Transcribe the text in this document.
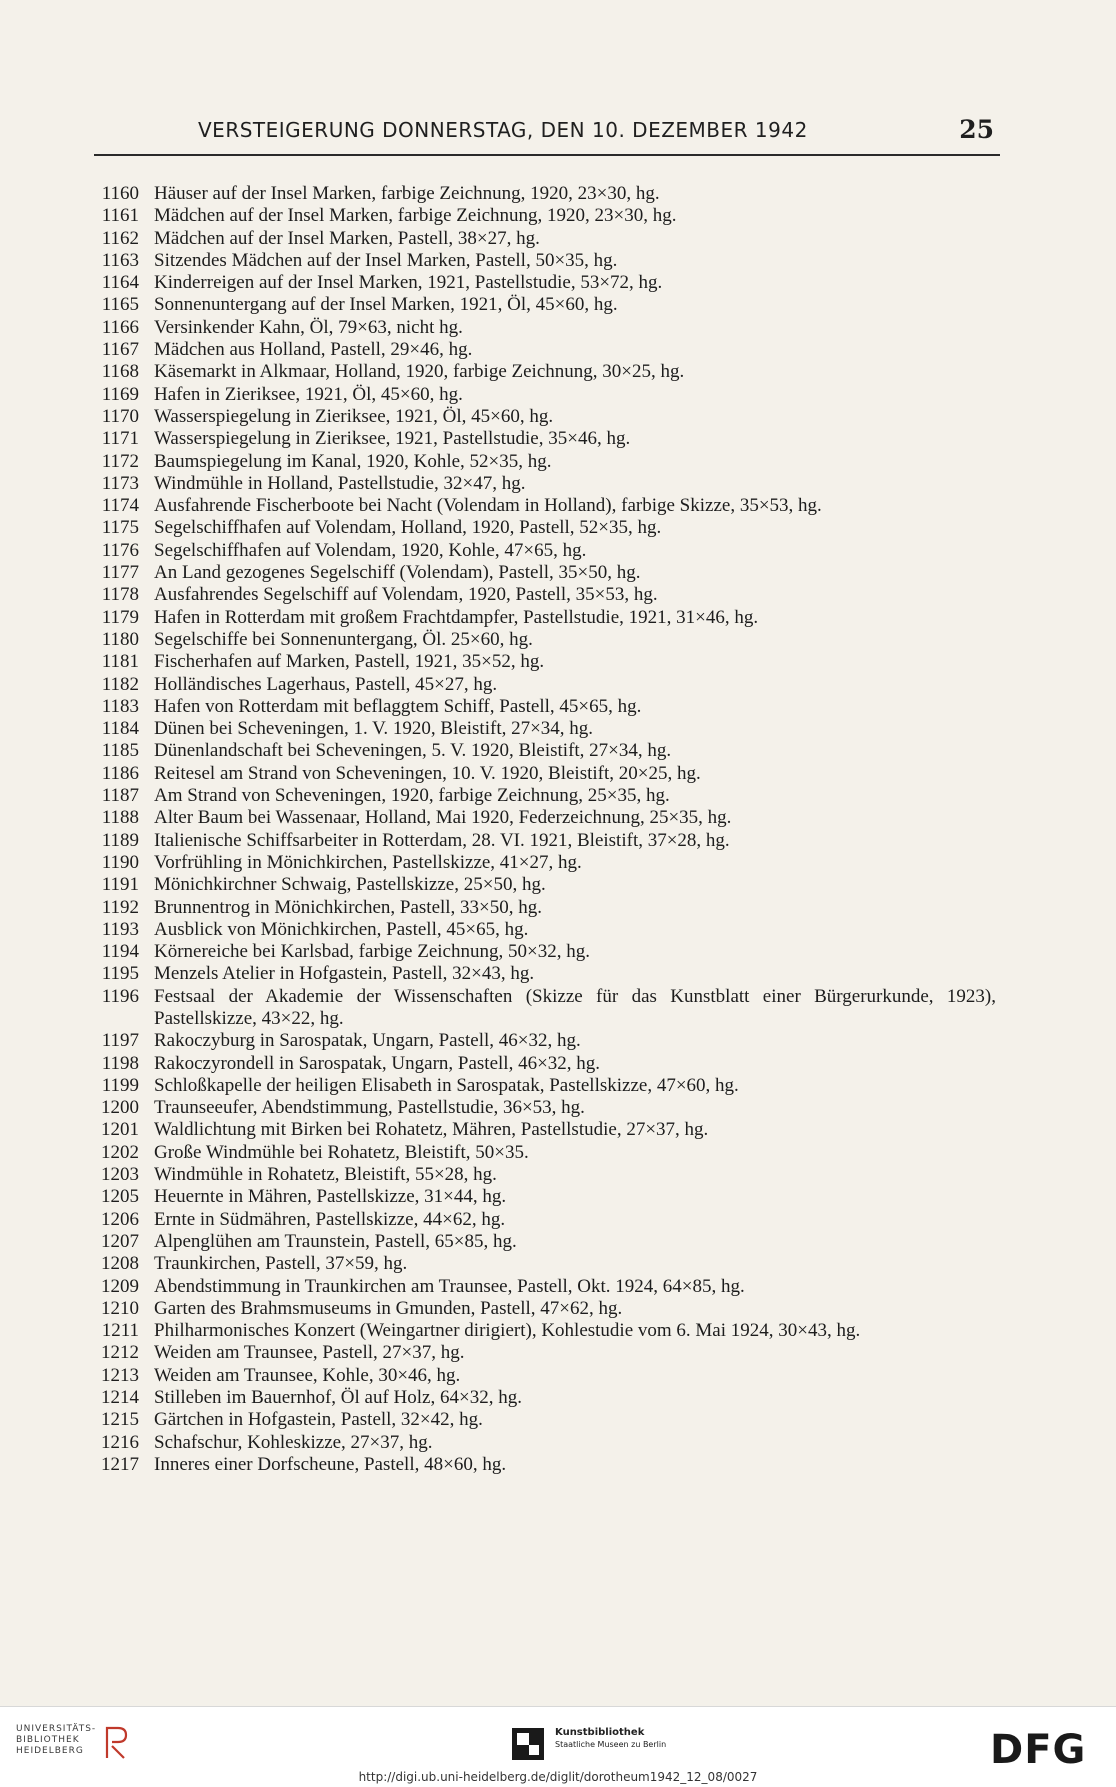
VERSTEIGERUNG DONNERSTAG, DEN 10. DEZEMBER 1942	25
1160 Häuser auf der Insel Marken, farbige Zeichnung, 1920, 23×30, hg.
1161 Mädchen auf der Insel Marken, farbige Zeichnung, 1920, 23×30, hg.
1162 Mädchen auf der Insel Marken, Pastell, 38×27, hg.
1163 Sitzendes Mädchen auf der Insel Marken, Pastell, 50×35, hg.
1164 Kinderreigen auf der Insel Marken, 1921, Pastellstudie, 53×72, hg.
1165 Sonnenuntergang auf der Insel Marken, 1921, Öl, 45×60, hg.
1166 Versinkender Kahn, Öl, 79×63, nicht hg.
1167 Mädchen aus Holland, Pastell, 29×46, hg.
1168 Käsemarkt in Alkmaar, Holland, 1920, farbige Zeichnung, 30×25, hg.
1169 Hafen in Zieriksee, 1921, Öl, 45×60, hg.
1170 Wasserspiegelung in Zieriksee, 1921, Öl, 45×60, hg.
1171 Wasserspiegelung in Zieriksee, 1921, Pastellstudie, 35×46, hg.
1172 Baumspiegelung im Kanal, 1920, Kohle, 52×35, hg.
1173 Windmühle in Holland, Pastellstudie, 32×47, hg.
1174 Ausfahrende Fischerboote bei Nacht (Volendam in Holland), farbige Skizze, 35×53, hg.
1175 Segelschiffhafen auf Volendam, Holland, 1920, Pastell, 52×35, hg.
1176 Segelschiffhafen auf Volendam, 1920, Kohle, 47×65, hg.
1177 An Land gezogenes Segelschiff (Volendam), Pastell, 35×50, hg.
1178 Ausfahrendes Segelschiff auf Volendam, 1920, Pastell, 35×53, hg.
1179 Hafen in Rotterdam mit großem Frachtdampfer, Pastellstudie, 1921, 31×46, hg.
1180 Segelschiffe bei Sonnenuntergang, Öl. 25×60, hg.
1181 Fischerhafen auf Marken, Pastell, 1921, 35×52, hg.
1182 Holländisches Lagerhaus, Pastell, 45×27, hg.
1183 Hafen von Rotterdam mit beflaggtem Schiff, Pastell, 45×65, hg.
1184 Dünen bei Scheveningen, 1. V. 1920, Bleistift, 27×34, hg.
1185 Dünenlandschaft bei Scheveningen, 5. V. 1920, Bleistift, 27×34, hg.
1186 Reitesel am Strand von Scheveningen, 10. V. 1920, Bleistift, 20×25, hg.
1187 Am Strand von Scheveningen, 1920, farbige Zeichnung, 25×35, hg.
1188 Alter Baum bei Wassenaar, Holland, Mai 1920, Federzeichnung, 25×35, hg.
1189 Italienische Schiffsarbeiter in Rotterdam, 28. VI. 1921, Bleistift, 37×28, hg.
1190 Vorfrühling in Mönichkirchen, Pastellskizze, 41×27, hg.
1191 Mönichkirchner Schwaig, Pastellskizze, 25×50, hg.
1192 Brunnentrog in Mönichkirchen, Pastell, 33×50, hg.
1193 Ausblick von Mönichkirchen, Pastell, 45×65, hg.
1194 Körnereiche bei Karlsbad, farbige Zeichnung, 50×32, hg.
1195 Menzels Atelier in Hofgastein, Pastell, 32×43, hg.
1196 Festsaal der Akademie der Wissenschaften (Skizze für das Kunstblatt einer Bürgerurkunde, 1923), Pastellskizze, 43×22, hg.
1197 Rakoczyburg in Sarospatak, Ungarn, Pastell, 46×32, hg.
1198 Rakoczyrondell in Sarospatak, Ungarn, Pastell, 46×32, hg.
1199 Schloßkapelle der heiligen Elisabeth in Sarospatak, Pastellskizze, 47×60, hg.
1200 Traunseeufer, Abendstimmung, Pastellstudie, 36×53, hg.
1201 Waldlichtung mit Birken bei Rohatetz, Mähren, Pastellstudie, 27×37, hg.
1202 Große Windmühle bei Rohatetz, Bleistift, 50×35.
1203 Windmühle in Rohatetz, Bleistift, 55×28, hg.
1205 Heuernte in Mähren, Pastellskizze, 31×44, hg.
1206 Ernte in Südmähren, Pastellskizze, 44×62, hg.
1207 Alpenglühen am Traunstein, Pastell, 65×85, hg.
1208 Traunkirchen, Pastell, 37×59, hg.
1209 Abendstimmung in Traunkirchen am Traunsee, Pastell, Okt. 1924, 64×85, hg.
1210 Garten des Brahmsmuseums in Gmunden, Pastell, 47×62, hg.
1211 Philharmonisches Konzert (Weingartner dirigiert), Kohlestudie vom 6. Mai 1924, 30×43, hg.
1212 Weiden am Traunsee, Pastell, 27×37, hg.
1213 Weiden am Traunsee, Kohle, 30×46, hg.
1214 Stilleben im Bauernhof, Öl auf Holz, 64×32, hg.
1215 Gärtchen in Hofgastein, Pastell, 32×42, hg.
1216 Schafschur, Kohleskizze, 27×37, hg.
1217 Inneres einer Dorfscheune, Pastell, 48×60, hg.
UNIVERSITÄTS-
BIBLIOTHEK
HEIDELBERG
Kunstbibliothek
Staatliche Museen zu Berlin	DFG
http://digi.ub.uni-heidelberg.de/diglit/dorotheum1942_12_08/0027
